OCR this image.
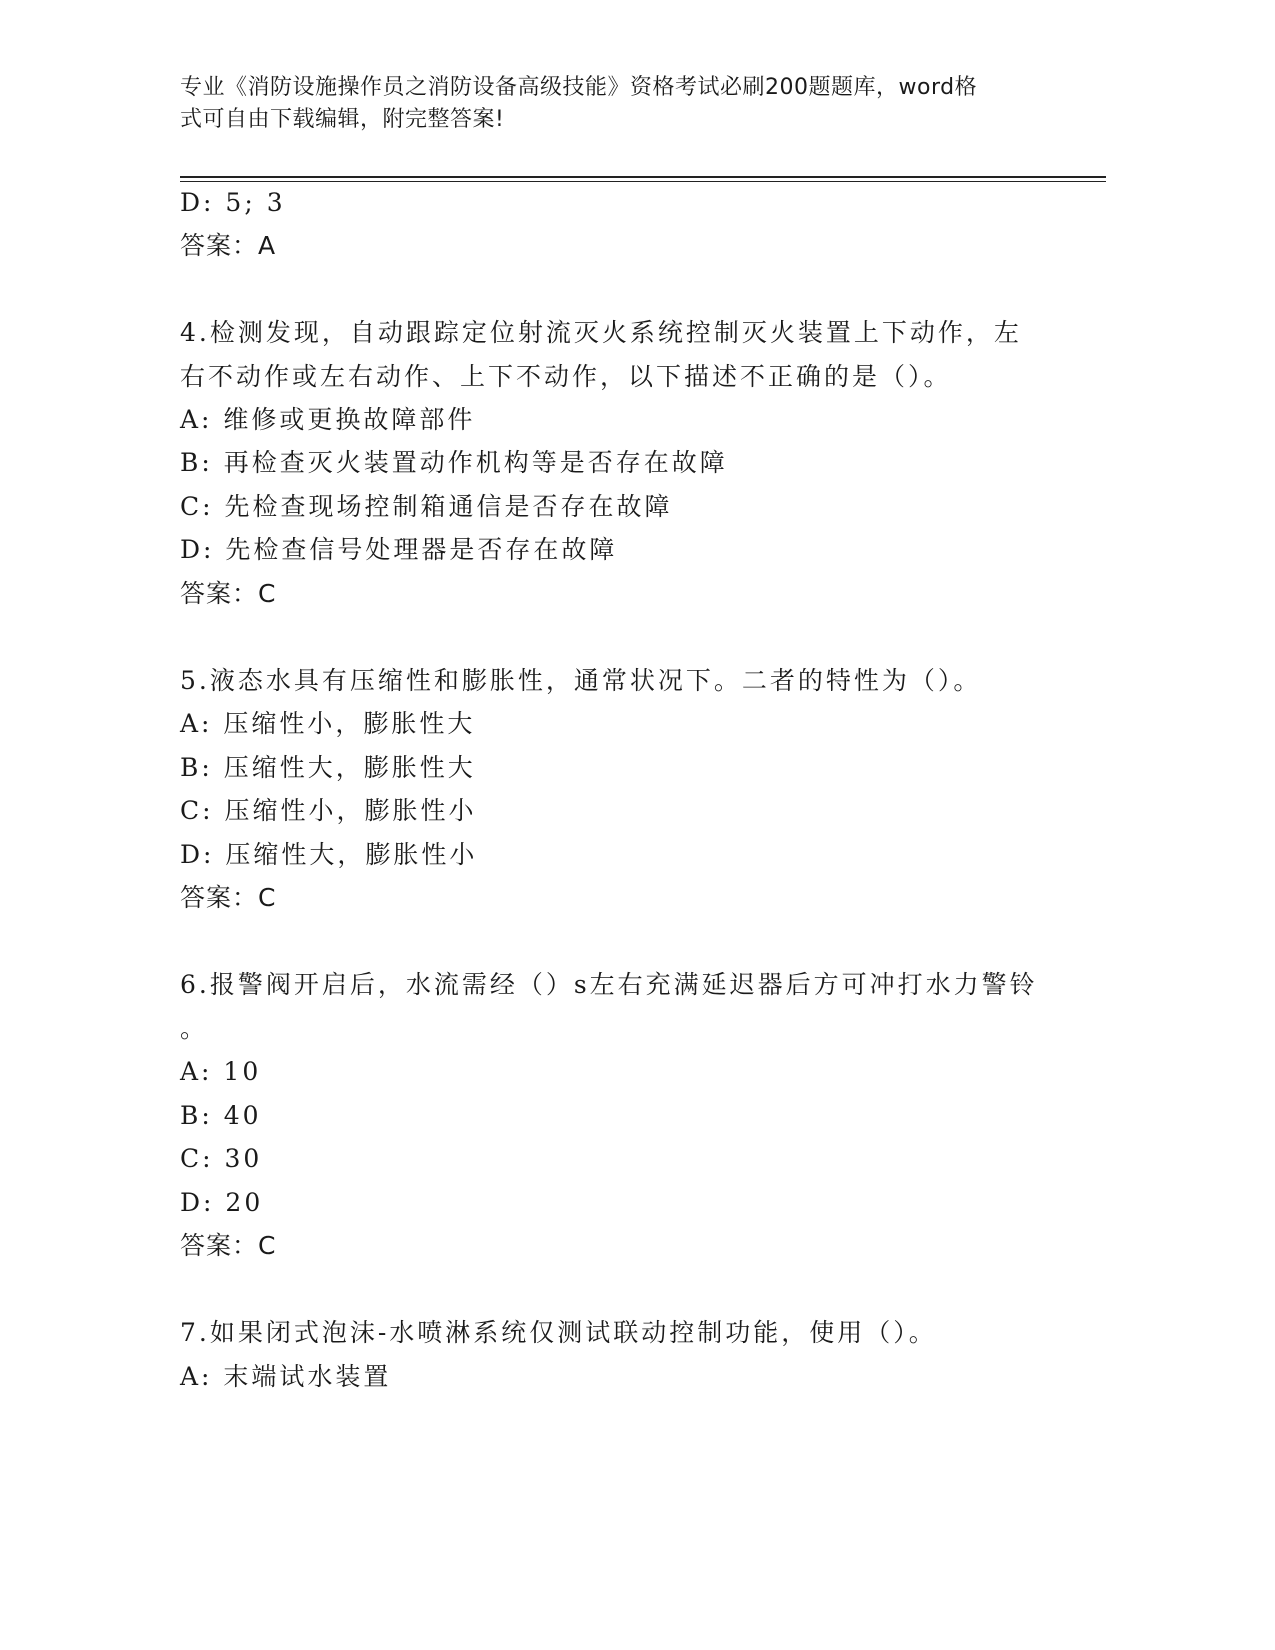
专业《消防设施操作员之消防设备高级技能》资格考试必刷200题题库，word格
式可自由下载编辑，附完整答案!
D: 5; 3
答案：A
4.检测发现，自动跟踪定位射流灭火系统控制灭火装置上下动作，左
右不动作或左右动作、上下不动作，以下描述不正确的是（）。
A: 维修或更换故障部件
B: 再检查灭火装置动作机构等是否存在故障
C: 先检查现场控制箱通信是否存在故障
D: 先检查信号处理器是否存在故障
答案：C
5.液态水具有压缩性和膨胀性，通常状况下。二者的特性为（）。
A: 压缩性小，膨胀性大
B: 压缩性大，膨胀性大
C: 压缩性小，膨胀性小
D: 压缩性大，膨胀性小
答案：C
6.报警阀开启后，水流需经（）s左右充满延迟器后方可冲打水力警铃
。
A: 10
B: 40
C: 30
D: 20
答案：C
7.如果闭式泡沫-水喷淋系统仅测试联动控制功能，使用（）。
A: 末端试水装置
